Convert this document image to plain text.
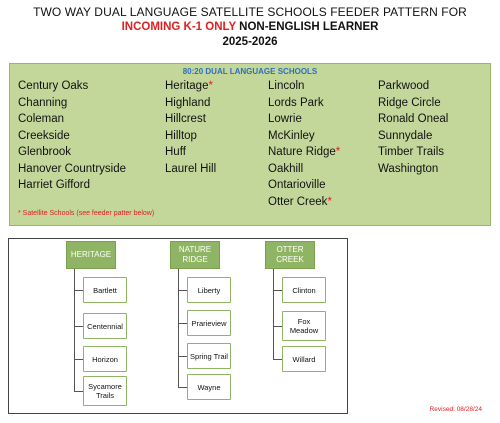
TWO WAY DUAL LANGUAGE SATELLITE SCHOOLS FEEDER PATTERN FOR
INCOMING K-1 ONLY NON-ENGLISH LEARNER
2025-2026
80:20 DUAL LANGUAGE SCHOOLS
Century Oaks
Channing
Coleman
Creekside
Glenbrook
Hanover Countryside
Harriet Gifford
Heritage*
Highland
Hillcrest
Hilltop
Huff
Laurel Hill
Lincoln
Lords Park
Lowrie
McKinley
Nature Ridge*
Oakhill
Ontarioville
Otter Creek*
Parkwood
Ridge Circle
Ronald Oneal
Sunnydale
Timber Trails
Washington
* Satellite Schools (see feeder patter below)
HERITAGE
Bartlett
Centennial
Horizon
Sycamore Trails
NATURE RIDGE
Liberty
Prarieview
Spring Trail
Wayne
OTTER CREEK
Clinton
Fox Meadow
Willard
Revised: 08/28/24
